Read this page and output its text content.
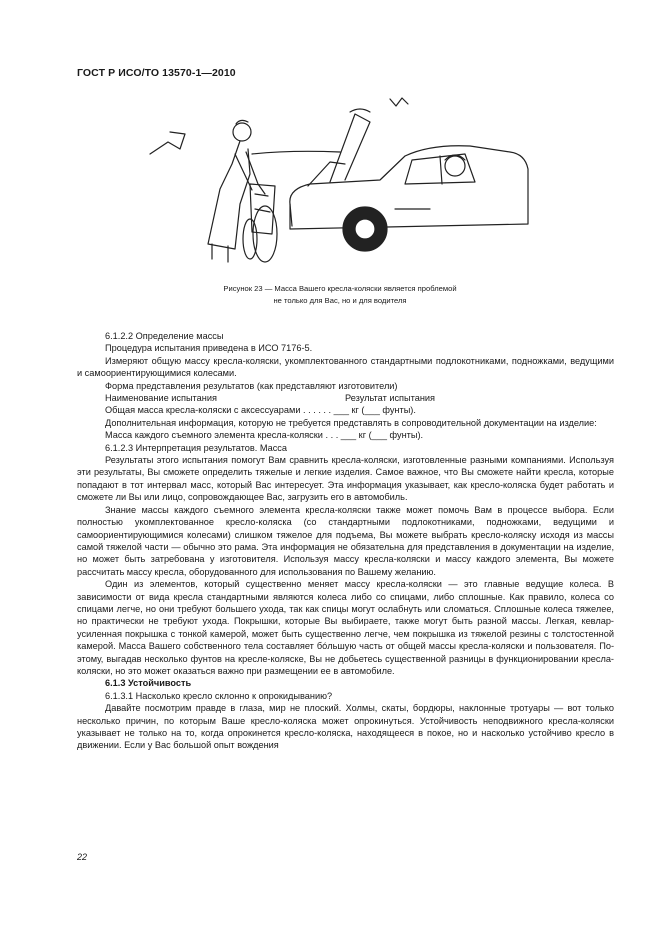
ГОСТ Р ИСО/ТО 13570-1—2010
Рисунок 23 — Масса Вашего кресла-коляски является проблемой
не только для Вас, но и для водителя

6.1.2.2 Определение массы

Процедура испытания приведена в ИСО 7176-5.

Измеряют общую массу кресла-коляски, укомплектованного стандартными подлокотниками, подножками, ведущими и самоориентирующимися колесами.

Форма представления результатов (как представляют изготовители)

Наименование испытания	Результат испытания

Общая масса кресла-коляски с аксессуарами . . . . . . ___ кг (___ фунты).

Дополнительная информация, которую не требуется представлять в сопроводительной документации на изделие:

Масса каждого съемного элемента кресла-коляски . . . ___ кг (___ фунты).

6.1.2.3 Интерпретация результатов. Масса

Результаты этого испытания помогут Вам сравнить кресла-коляски, изготовленные разными компаниями. Используя эти результаты, Вы сможете определить тяжелые и легкие изделия. Самое важное, что Вы сможете найти кресла, которые попадают в тот интервал масс, который Вас интересует. Эта информация указывает, как кресло-коляска будет работать и сможете ли Вы или лицо, сопровождающее Вас, загрузить его в автомобиль.

Знание массы каждого съемного элемента кресла-коляски также может помочь Вам в процессе выбора. Если полностью укомплектованное кресло-коляска (со стандартными подлокотниками, подножками, ведущими и самоориентирующимися колесами) слишком тяжелое для подъема, Вы можете выбрать кресло-коляску исходя из массы самой тяжелой части — обычно это рама. Эта информация не обязательна для представления в документации на изделие, но может быть затребована у изготовителя. Используя массу кресла-коляски и массу каждого элемента, Вы можете рассчитать массу кресла, оборудованного для использования по Вашему желанию.

Один из элементов, который существенно меняет массу кресла-коляски — это главные ведущие колеса. В зависимости от вида кресла стандартными являются колеса либо со спицами, либо сплошные. Как правило, колеса со спицами легче, но они требуют большего ухода, так как спицы могут ослабнуть или сломаться. Сплошные колеса тяжелее, но практически не требуют ухода. Покрышки, которые Вы выбираете, также могут быть разной массы. Легкая, кевлар-усиленная покрышка с тонкой камерой, может быть существенно легче, чем покрышка из тяжелой резины с толстостенной камерой. Масса Вашего собственного тела составляет бóльшую часть от общей массы кресла-коляски и пользователя. Поэтому, выгадав несколько фунтов на кресле-коляске, Вы не добьетесь существенной разницы в функционировании кресла-коляски, но это может оказаться важно при размещении ее в автомобиле.

6.1.3 Устойчивость

6.1.3.1 Насколько кресло склонно к опрокидыванию?

Давайте посмотрим правде в глаза, мир не плоский. Холмы, скаты, бордюры, наклонные тротуары — вот только несколько причин, по которым Ваше кресло-коляска может опрокинуться. Устойчивость неподвижного кресла-коляски указывает не только на то, когда опрокинется кресло-коляска, находящееся в покое, но и насколько устойчиво кресло в движении. Если у Вас большой опыт вождения

22
